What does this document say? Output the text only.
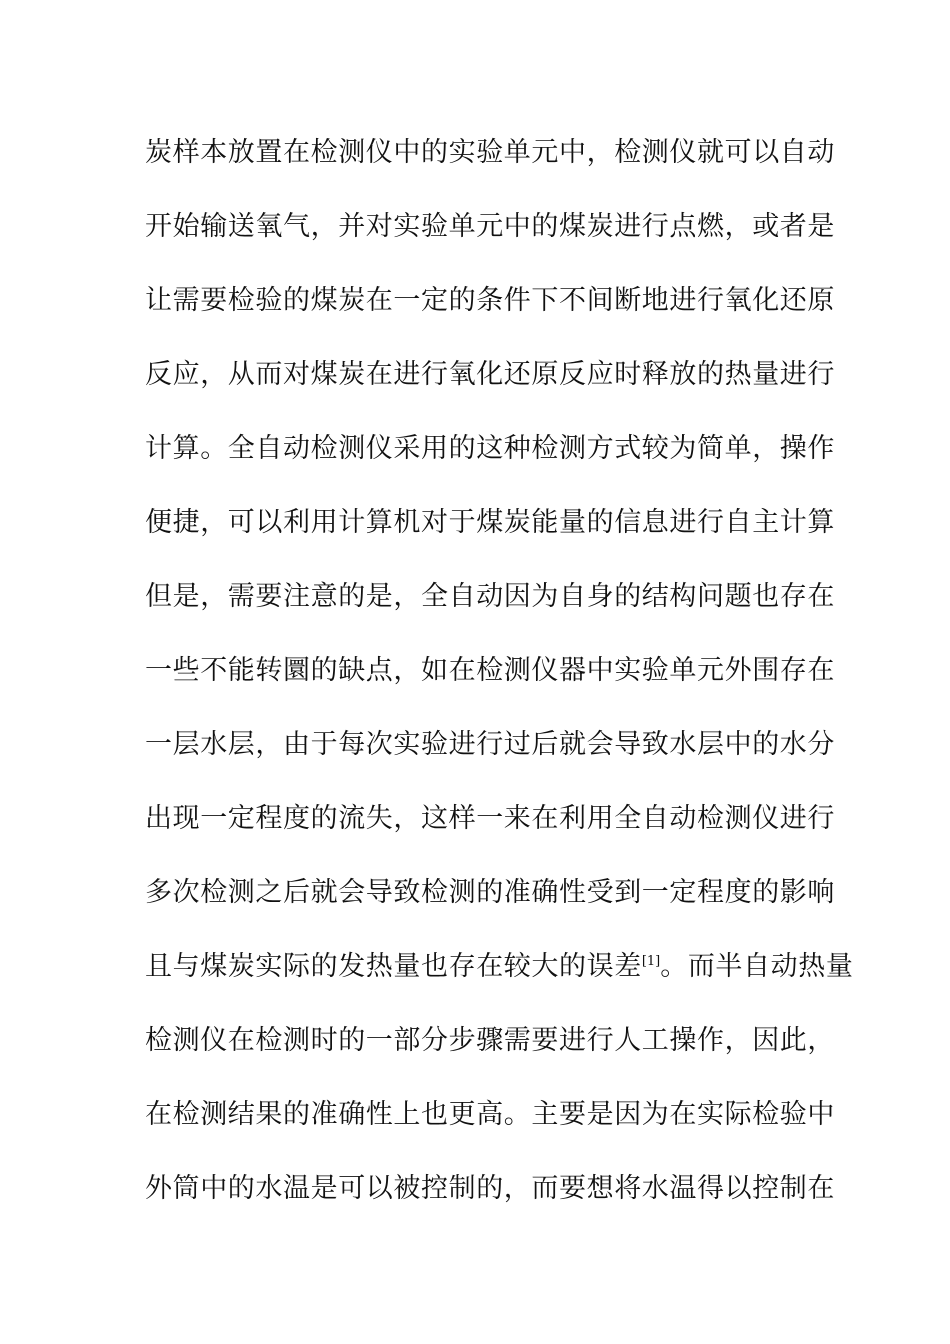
炭样本放置在检测仪中的实验单元中，检测仪就可以自动
开始输送氧气，并对实验单元中的煤炭进行点燃，或者是
让需要检验的煤炭在一定的条件下不间断地进行氧化还原
反应，从而对煤炭在进行氧化还原反应时释放的热量进行
计算。全自动检测仪采用的这种检测方式较为简单，操作
便捷，可以利用计算机对于煤炭能量的信息进行自主计算
但是，需要注意的是，全自动因为自身的结构问题也存在
一些不能转圜的缺点，如在检测仪器中实验单元外围存在
一层水层，由于每次实验进行过后就会导致水层中的水分
出现一定程度的流失，这样一来在利用全自动检测仪进行
多次检测之后就会导致检测的准确性受到一定程度的影响
且与煤炭实际的发热量也存在较大的误差[1]。而半自动热量
检测仪在检测时的一部分步骤需要进行人工操作，因此，
在检测结果的准确性上也更高。主要是因为在实际检验中
外筒中的水温是可以被控制的，而要想将水温得以控制在
